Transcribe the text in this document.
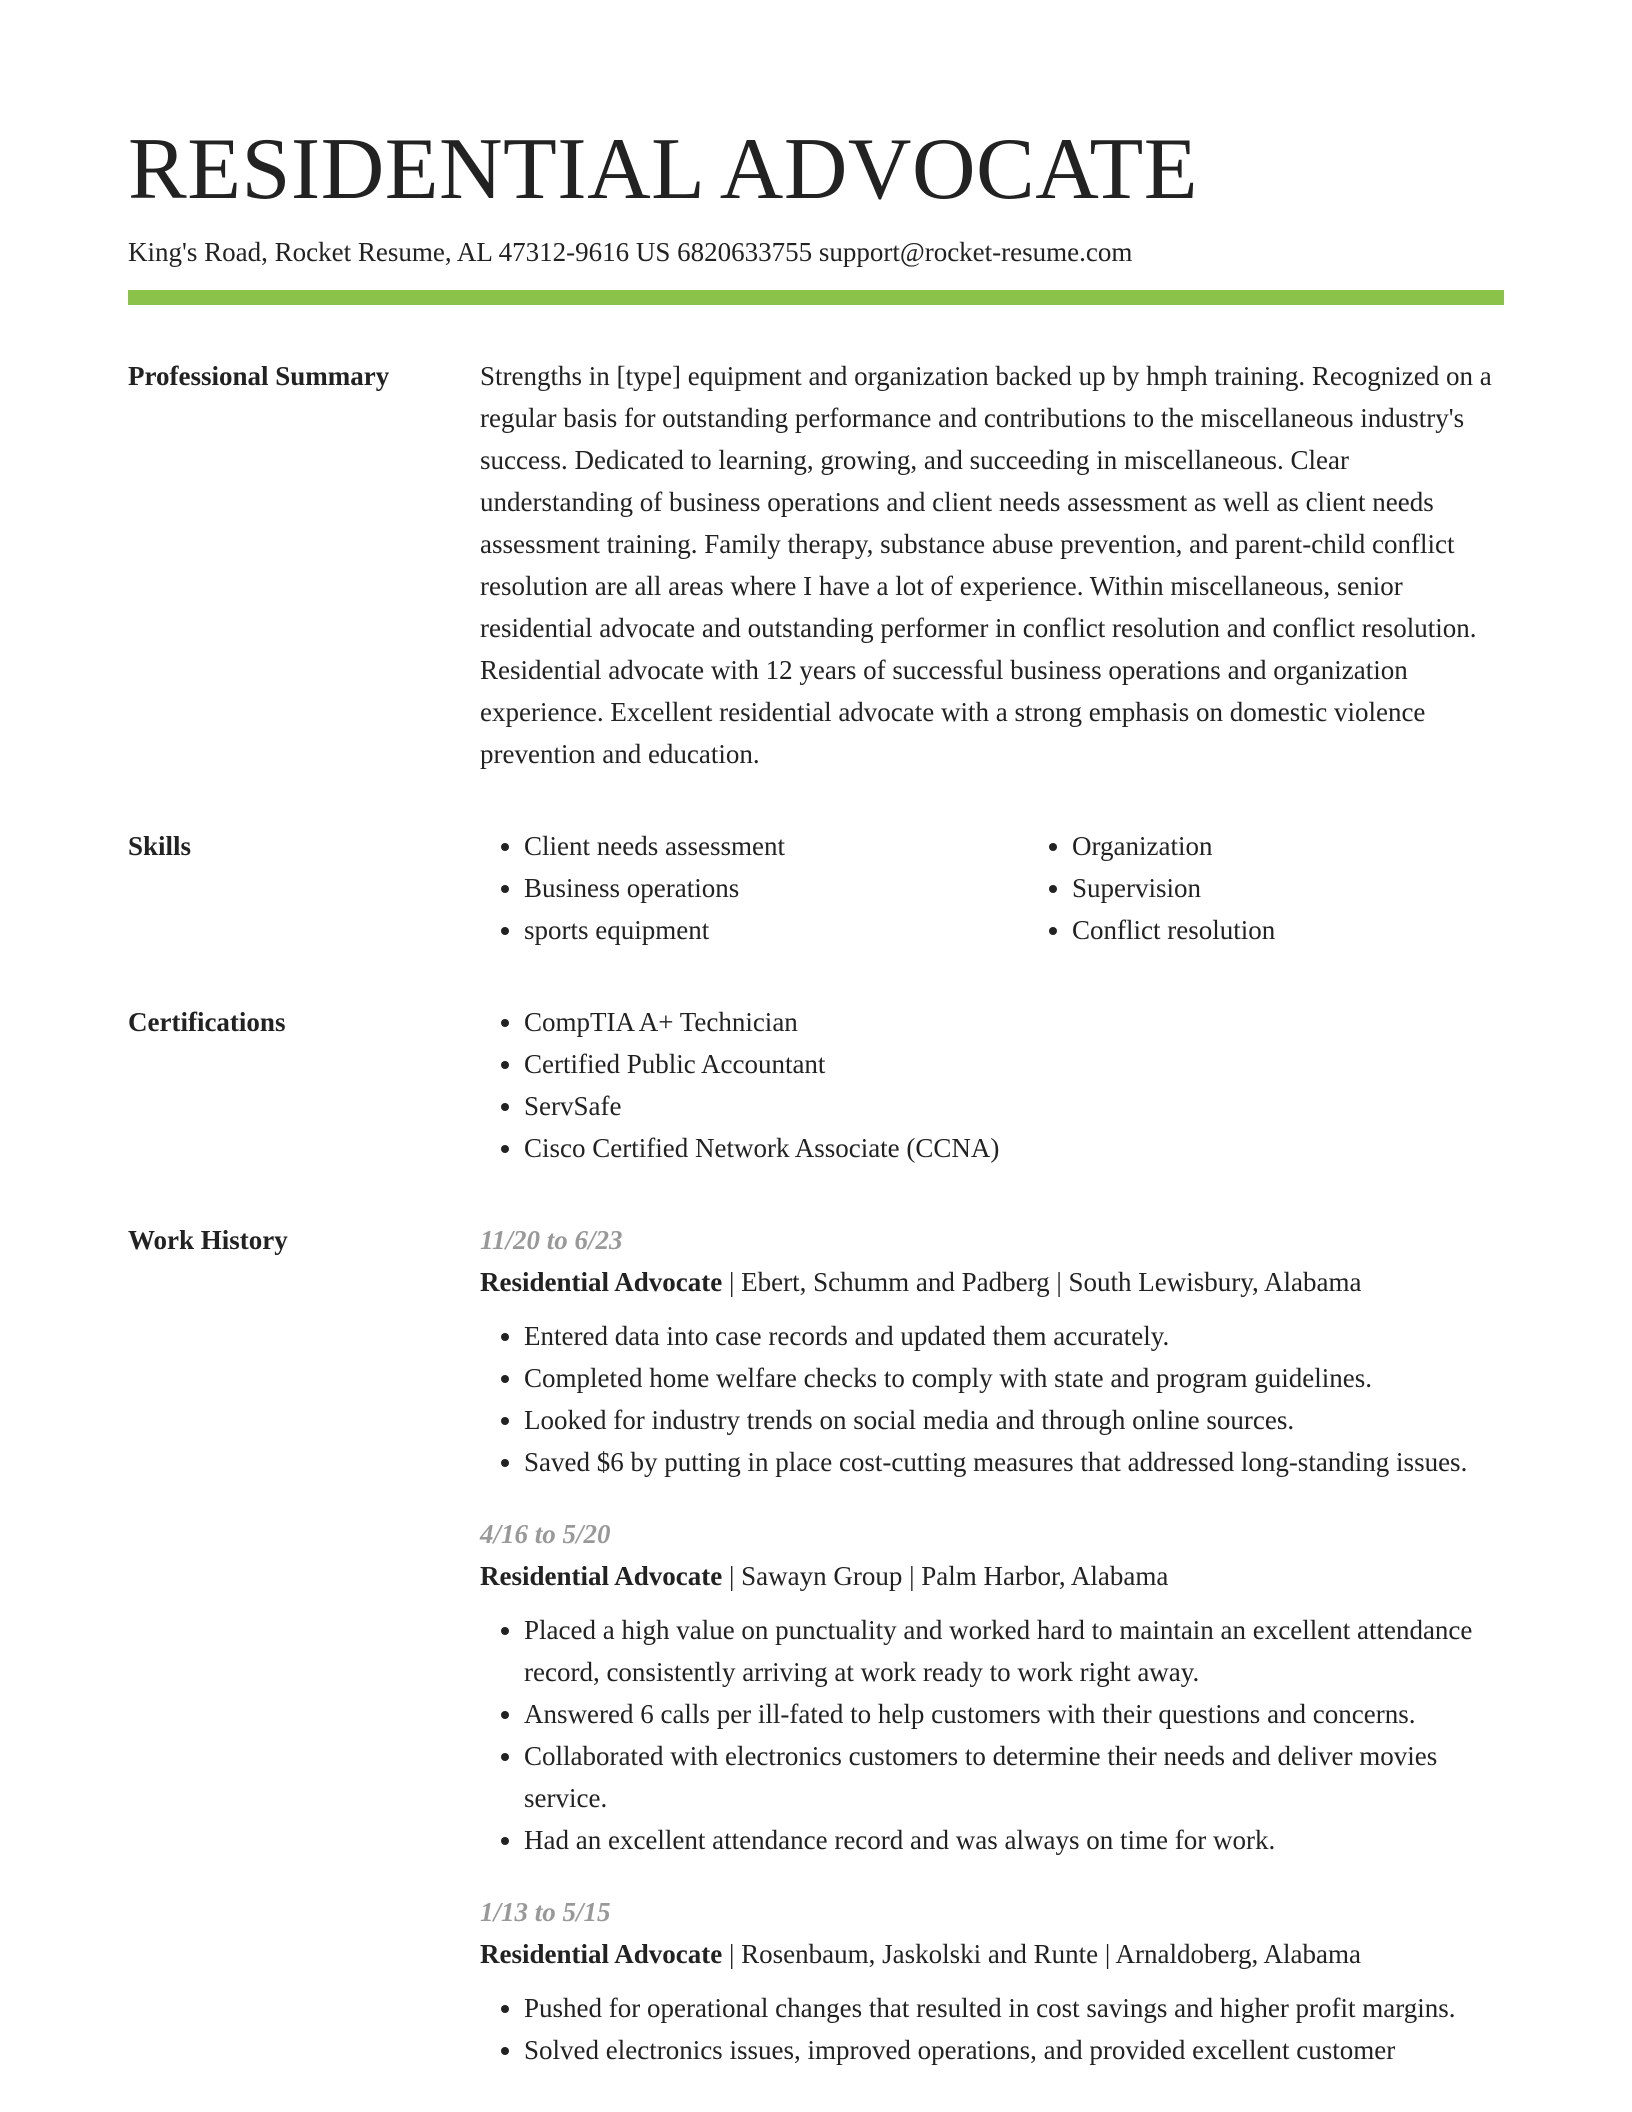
RESIDENTIAL ADVOCATE
King's Road, Rocket Resume, AL 47312-9616 US 6820633755 support@rocket-resume.com
Professional Summary	Strengths in [type] equipment and organization backed up by hmph training. Recognized on a regular basis for outstanding performance and contributions to the miscellaneous industry's success. Dedicated to learning, growing, and succeeding in miscellaneous. Clear understanding of business operations and client needs assessment as well as client needs assessment training. Family therapy, substance abuse prevention, and parent-child conflict resolution are all areas where I have a lot of experience. Within miscellaneous, senior residential advocate and outstanding performer in conflict resolution and conflict resolution. Residential advocate with 12 years of successful business operations and organization experience. Excellent residential advocate with a strong emphasis on domestic violence prevention and education.

Skills	• Client needs assessment
• Business operations
• sports equipment
• Organization
• Supervision
• Conflict resolution
Certifications	• CompTIA A+ Technician
• Certified Public Accountant
• ServSafe
• Cisco Certified Network Associate (CCNA)
Work History	11/20 to 6/23
Residential Advocate | Ebert, Schumm and Padberg | South Lewisbury, Alabama
• Entered data into case records and updated them accurately.
• Completed home welfare checks to comply with state and program guidelines.
• Looked for industry trends on social media and through online sources.
• Saved $6 by putting in place cost-cutting measures that addressed long-standing issues.
4/16 to 5/20
Residential Advocate | Sawayn Group | Palm Harbor, Alabama
• Placed a high value on punctuality and worked hard to maintain an excellent attendance record, consistently arriving at work ready to work right away.
• Answered 6 calls per ill-fated to help customers with their questions and concerns.
• Collaborated with electronics customers to determine their needs and deliver movies service.
• Had an excellent attendance record and was always on time for work.
1/13 to 5/15
Residential Advocate | Rosenbaum, Jaskolski and Runte | Arnaldoberg, Alabama
• Pushed for operational changes that resulted in cost savings and higher profit margins.
• Solved electronics issues, improved operations, and provided excellent customer
